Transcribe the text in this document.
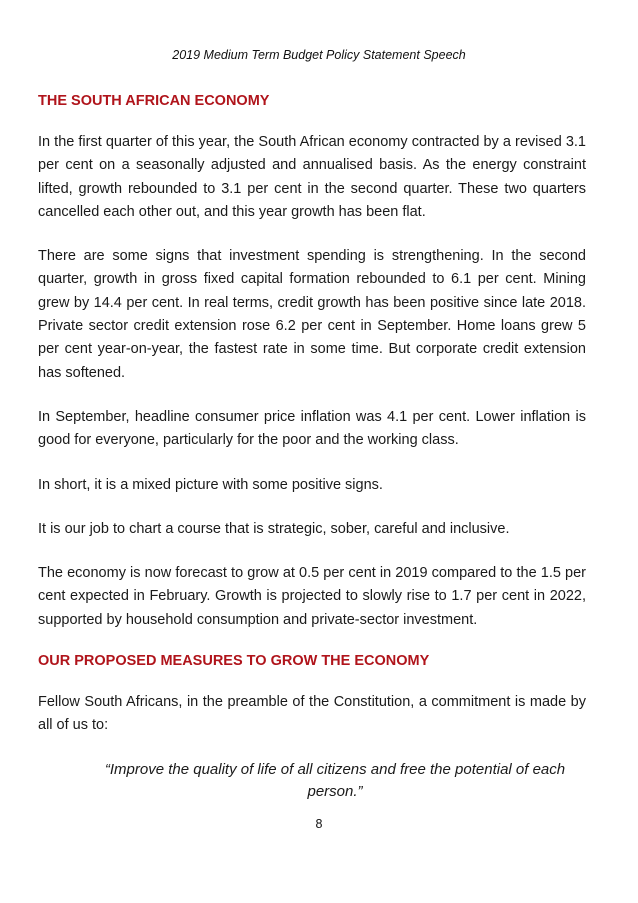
2019 Medium Term Budget Policy Statement Speech
THE SOUTH AFRICAN ECONOMY

In the first quarter of this year, the South African economy contracted by a revised 3.1 per cent on a seasonally adjusted and annualised basis. As the energy constraint lifted, growth rebounded to 3.1 per cent in the second quarter. These two quarters cancelled each other out, and this year growth has been flat.

There are some signs that investment spending is strengthening. In the second quarter, growth in gross fixed capital formation rebounded to 6.1 per cent. Mining grew by 14.4 per cent. In real terms, credit growth has been positive since late 2018. Private sector credit extension rose 6.2 per cent in September. Home loans grew 5 per cent year-on-year, the fastest rate in some time. But corporate credit extension has softened.

In September, headline consumer price inflation was 4.1 per cent. Lower inflation is good for everyone, particularly for the poor and the working class.

In short, it is a mixed picture with some positive signs.

It is our job to chart a course that is strategic, sober, careful and inclusive.

The economy is now forecast to grow at 0.5 per cent in 2019 compared to the 1.5 per cent expected in February. Growth is projected to slowly rise to 1.7 per cent in 2022, supported by household consumption and private-sector investment.

OUR PROPOSED MEASURES TO GROW THE ECONOMY

Fellow South Africans, in the preamble of the Constitution, a commitment is made by all of us to:

“Improve the quality of life of all citizens and free the potential of each person.”
8
